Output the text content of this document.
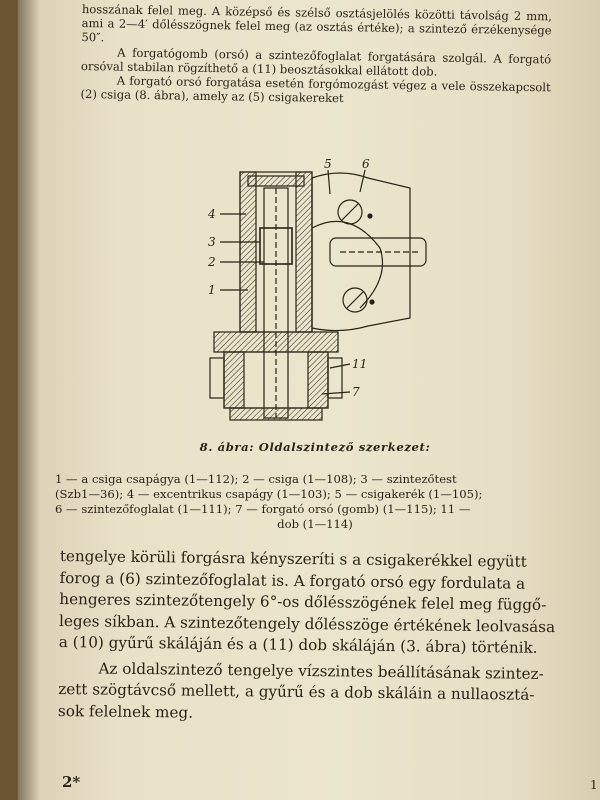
hosszának felel meg. A középső és szélső osztásjelölés közötti távolság 2 mm, ami a 2—4′ dőlésszögnek felel meg (az osztás értéke); a szintező érzékenysége 50″.

A forgatógomb (orsó) a szintezőfoglalat forgatására szolgál. A forgató orsóval stabilan rögzíthető a (11) beosztásokkal ellátott dob.

A forgató orsó forgatása esetén forgómozgást végez a vele összekapcsolt (2) csiga (8. ábra), amely az (5) csigakereket

5	6
4
3
2
1
11
7
8. ábra: Oldalszintező szerkezet:
1 — a csiga csapágya (1—112); 2 — csiga (1—108); 3 — szintezőtest
(Szb1—36); 4 — excentrikus csapágy (1—103); 5 — csigakerék (1—105);
6 — szintezőfoglalat (1—111); 7 — forgató orsó (gomb) (1—115); 11 —
dob (1—114)

tengelye körüli forgásra kényszeríti s a csigakerékkel együtt

forog a (6) szintezőfoglalat is. A forgató orsó egy fordulata a

hengeres szintezőtengely 6°-os dőlésszögének felel meg függő-

leges síkban. A szintezőtengely dőlésszöge értékének leolvasása

a (10) gyűrű skáláján és a (11) dob skáláján (3. ábra) történik.

Az oldalszintező tengelye vízszintes beállításának szintez-

zett szögtávcső mellett, a gyűrű és a dob skáláin a nullaosztá-

sok felelnek meg.

2*	1
